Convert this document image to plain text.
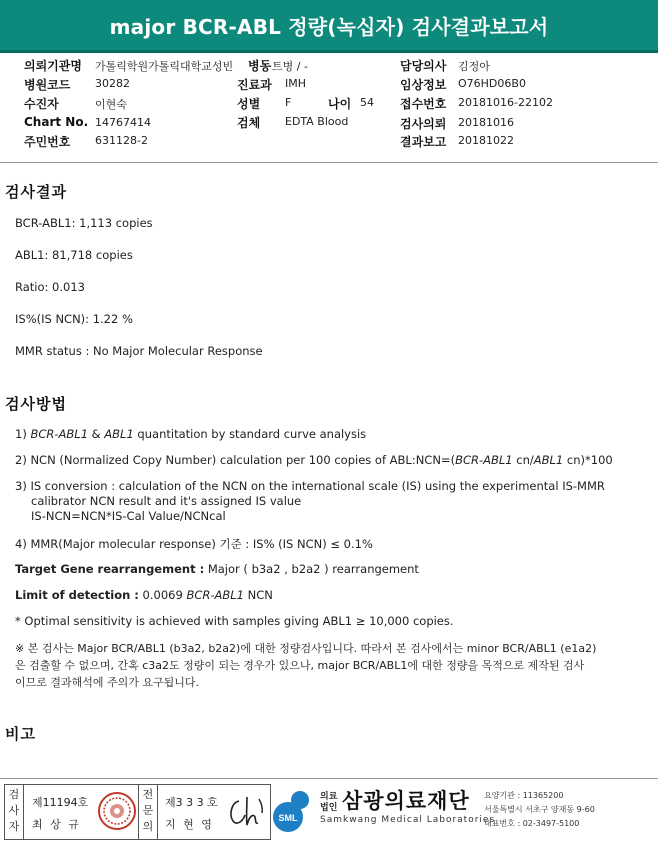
major BCR-ABL 정량(녹십자) 검사결과보고서
의뢰기관명 가톨릭학원가톨릭대학교성빈 병동 트병 / -	담당의사 김정아
병원코드 30282	진료과 IMH	임상정보 O76HD06B0
수진자	이현숙	성별 F	나이 54 접수번호 20181016-22102
Chart No. 14767414	검체 EDTA Blood	검사의뢰 20181016
주민번호 631128-2	결과보고 20181022
검사결과
BCR-ABL1: 1,113 copies
ABL1: 81,718 copies
Ratio: 0.013
IS%(IS NCN): 1.22 %
MMR status : No Major Molecular Response
검사방법
1) BCR-ABL1 & ABL1 quantitation by standard curve analysis
2) NCN (Normalized Copy Number) calculation per 100 copies of ABL:NCN=(BCR-ABL1 cn/ABL1 cn)*100
3) IS conversion : calculation of the NCN on the international scale (IS) using the experimental IS-MMR
calibrator NCN result and it's assigned IS value
IS-NCN=NCN*IS-Cal Value/NCNcal
4) MMR(Major molecular response) 기준 : IS% (IS NCN) ≤ 0.1%
Target Gene rearrangement : Major ( b3a2 , b2a2 ) rearrangement
Limit of detection : 0.0069 BCR-ABL1 NCN
* Optimal sensitivity is achieved with samples giving ABL1 ≥ 10,000 copies.
※ 본 검사는 Major BCR/ABL1 (b3a2, b2a2)에 대한 정량검사입니다. 따라서 본 검사에서는 minor BCR/ABL1 (e1a2)
은 검출할 수 없으며, 간혹 c3a2도 정량이 되는 경우가 있으나, major BCR/ABL1에 대한 정량을 목적으로 제작된 검사
이므로 결과해석에 주의가 요구됩니다.
비고
검
사
자
제11194호
최 상 규
전
문
의
제3 3 3 호
지 현 영	SML
의료
법인 삼광의료재단
Samkwang Medical Laboratories
요양기관 : 11365200
서울특별시 서초구 양재동 9-60
대표번호 : 02-3497-5100
